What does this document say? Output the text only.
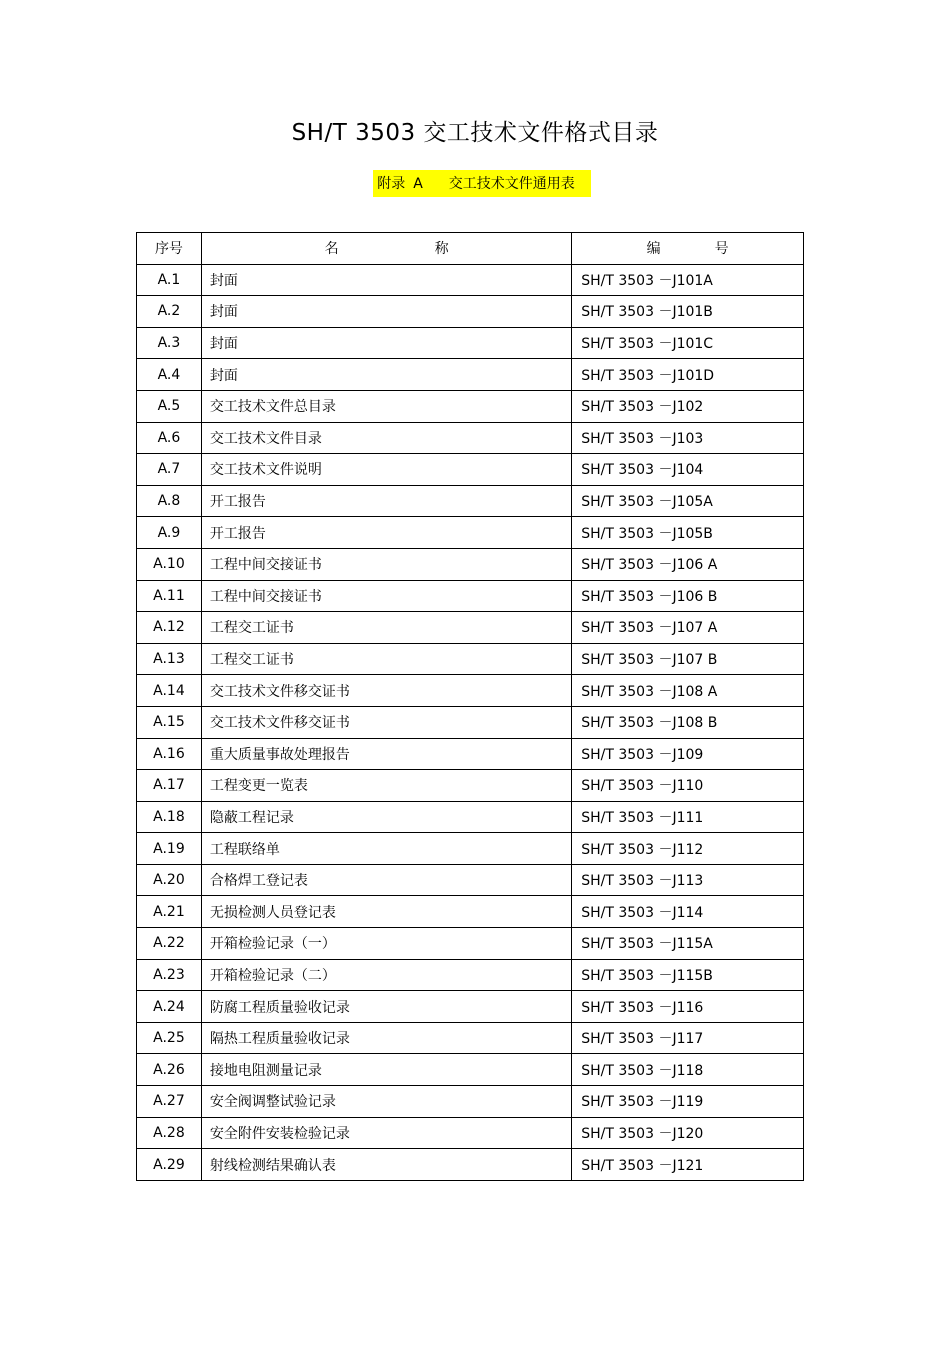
SH/T 3503 交工技术文件格式目录
附录 A 交工技术文件通用表
序号	名 称	编 号
A.1	封面	SH/T 3503 －J101A
A.2	封面	SH/T 3503 －J101B
A.3	封面	SH/T 3503 －J101C
A.4	封面	SH/T 3503 －J101D
A.5	交工技术文件总目录	SH/T 3503 －J102
A.6	交工技术文件目录	SH/T 3503 －J103
A.7	交工技术文件说明	SH/T 3503 －J104
A.8	开工报告	SH/T 3503 －J105A
A.9	开工报告	SH/T 3503 －J105B
A.10	工程中间交接证书	SH/T 3503 －J106 A
A.11	工程中间交接证书	SH/T 3503 －J106 B
A.12	工程交工证书	SH/T 3503 －J107 A
A.13	工程交工证书	SH/T 3503 －J107 B
A.14	交工技术文件移交证书	SH/T 3503 －J108 A
A.15	交工技术文件移交证书	SH/T 3503 －J108 B
A.16	重大质量事故处理报告	SH/T 3503 －J109
A.17	工程变更一览表	SH/T 3503 －J110
A.18	隐蔽工程记录	SH/T 3503 －J111
A.19	工程联络单	SH/T 3503 －J112
A.20	合格焊工登记表	SH/T 3503 －J113
A.21	无损检测人员登记表	SH/T 3503 －J114
A.22	开箱检验记录（一）	SH/T 3503 －J115A
A.23	开箱检验记录（二）	SH/T 3503 －J115B
A.24	防腐工程质量验收记录	SH/T 3503 －J116
A.25	隔热工程质量验收记录	SH/T 3503 －J117
A.26	接地电阻测量记录	SH/T 3503 －J118
A.27	安全阀调整试验记录	SH/T 3503 －J119
A.28	安全附件安装检验记录	SH/T 3503 －J120
A.29	射线检测结果确认表	SH/T 3503 －J121
